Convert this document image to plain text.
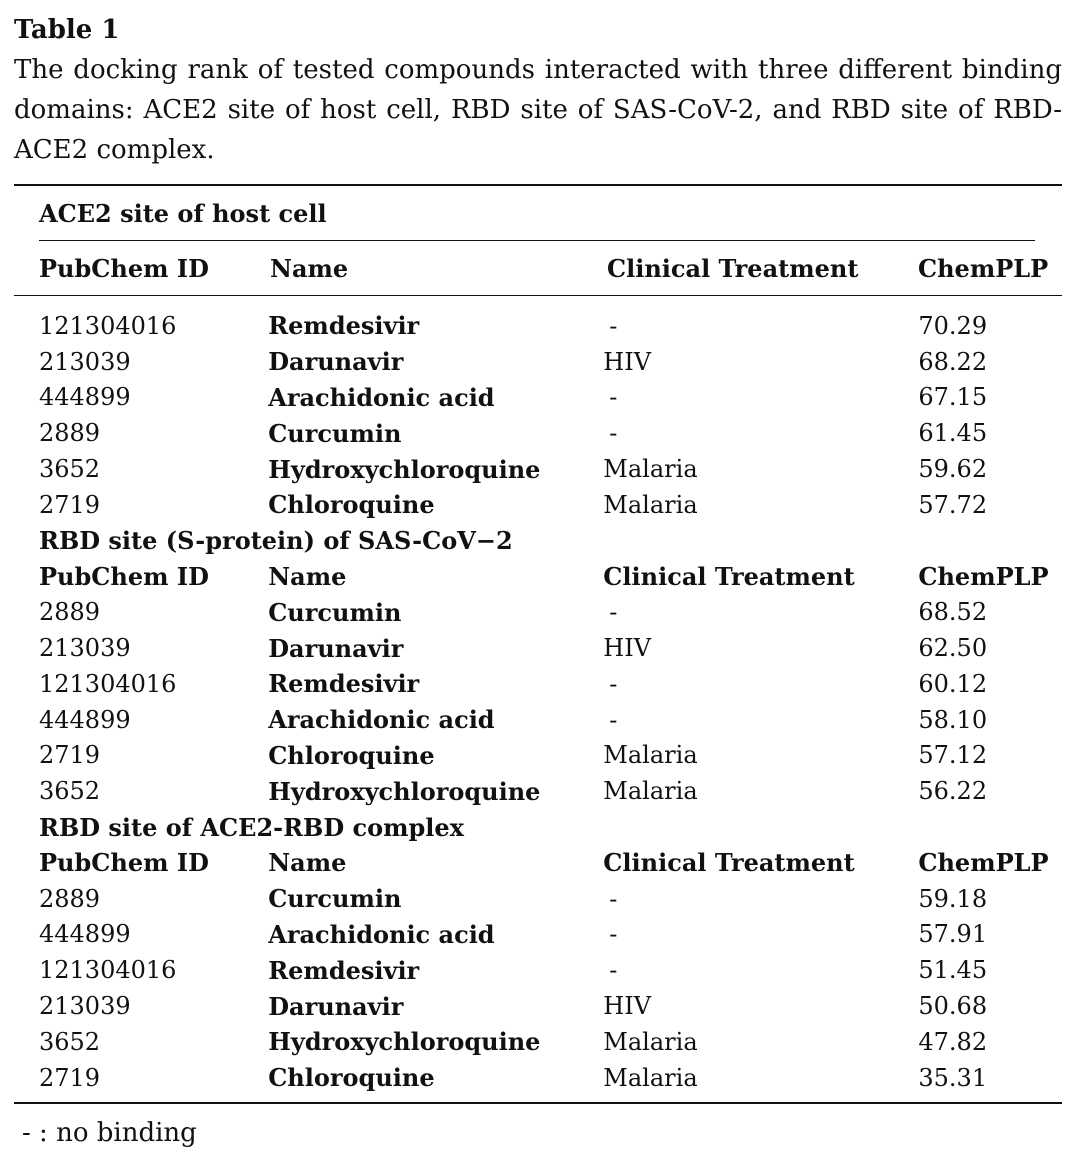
Table 1
The docking rank of tested compounds interacted with three different binding domains: ACE2 site of host cell, RBD site of SAS-CoV-2, and RBD site of RBD-ACE2 complex.
ACE2 site of host cell
PubChem ID	Name	Clinical Treatment	ChemPLP
121304016	Remdesivir	-	70.29
213039	Darunavir	HIV	68.22
444899	Arachidonic acid	-	67.15
2889	Curcumin	-	61.45
3652	Hydroxychloroquine	Malaria	59.62
2719	Chloroquine	Malaria	57.72
RBD site (S-protein) of SAS-CoV−2			
PubChem ID	Name	Clinical Treatment	ChemPLP
2889	Curcumin	-	68.52
213039	Darunavir	HIV	62.50
121304016	Remdesivir	-	60.12
444899	Arachidonic acid	-	58.10
2719	Chloroquine	Malaria	57.12
3652	Hydroxychloroquine	Malaria	56.22
RBD site of ACE2-RBD complex			
PubChem ID	Name	Clinical Treatment	ChemPLP
2889	Curcumin	-	59.18
444899	Arachidonic acid	-	57.91
121304016	Remdesivir	-	51.45
213039	Darunavir	HIV	50.68
3652	Hydroxychloroquine	Malaria	47.82
2719	Chloroquine	Malaria	35.31
- : no binding
